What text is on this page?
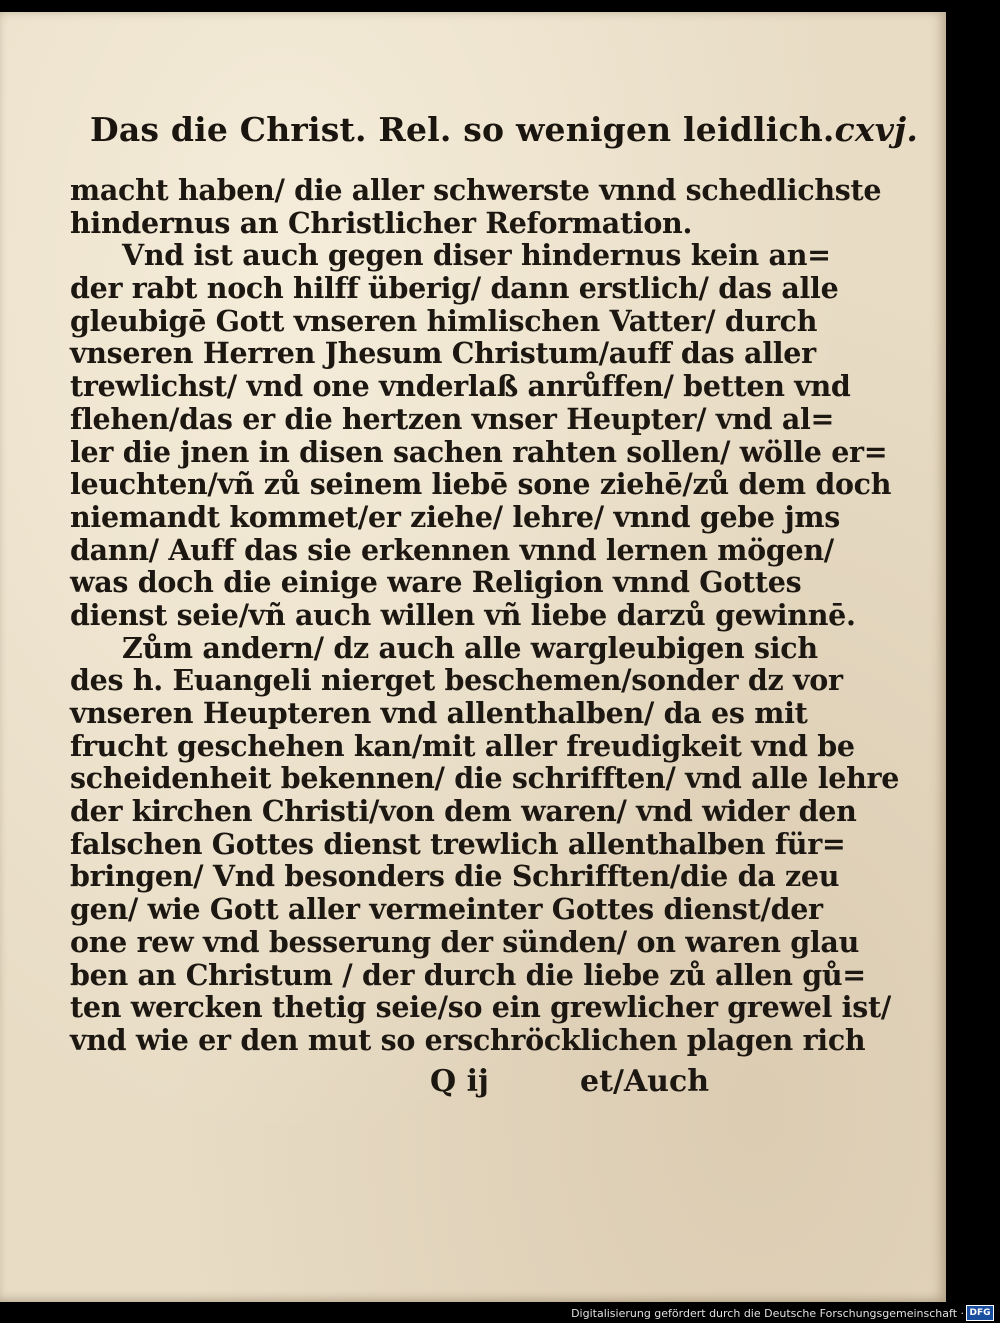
Das die Christ. Rel. so wenigen leidlich. cxvj.
macht haben/ die aller schwerste vnnd schedlichste
hindernus an Christlicher Reformation.
Vnd ist auch gegen diser hindernus kein an=
der rabt noch hilff überig/ dann erstlich/ das alle
gleubigē Gott vnseren himlischen Vatter/ durch
vnseren Herren Jhesum Christum/auff das aller
trewlichst/ vnd one vnderlaß anrůffen/ betten vnd
flehen/das er die hertzen vnser Heupter/ vnd al=
ler die jnen in disen sachen rahten sollen/ wölle er=
leuchten/vñ zů seinem liebē sone ziehē/zů dem doch
niemandt kommet/er ziehe/ lehre/ vnnd gebe jms
dann/ Auff das sie erkennen vnnd lernen mögen/
was doch die einige ware Religion vnnd Gottes
dienst seie/vñ auch willen vñ liebe darzů gewinnē.
Zům andern/ dz auch alle wargleubigen sich
des h. Euangeli nierget beschemen/sonder dz vor
vnseren Heupteren vnd allenthalben/ da es mit
frucht geschehen kan/mit aller freudigkeit vnd be
scheidenheit bekennen/ die schrifften/ vnd alle lehre
der kirchen Christi/von dem waren/ vnd wider den
falschen Gottes dienst trewlich allenthalben für=
bringen/ Vnd besonders die Schrifften/die da zeu
gen/ wie Gott aller vermeinter Gottes dienst/der
one rew vnd besserung der sünden/ on waren glau
ben an Christum / der durch die liebe zů allen gů=
ten wercken thetig seie/so ein grewlicher grewel ist/
vnd wie er den mut so erschröcklichen plagen rich
Q ij	et/Auch
Digitalisierung gefördert durch die Deutsche Forschungsgemeinschaft · DFG
